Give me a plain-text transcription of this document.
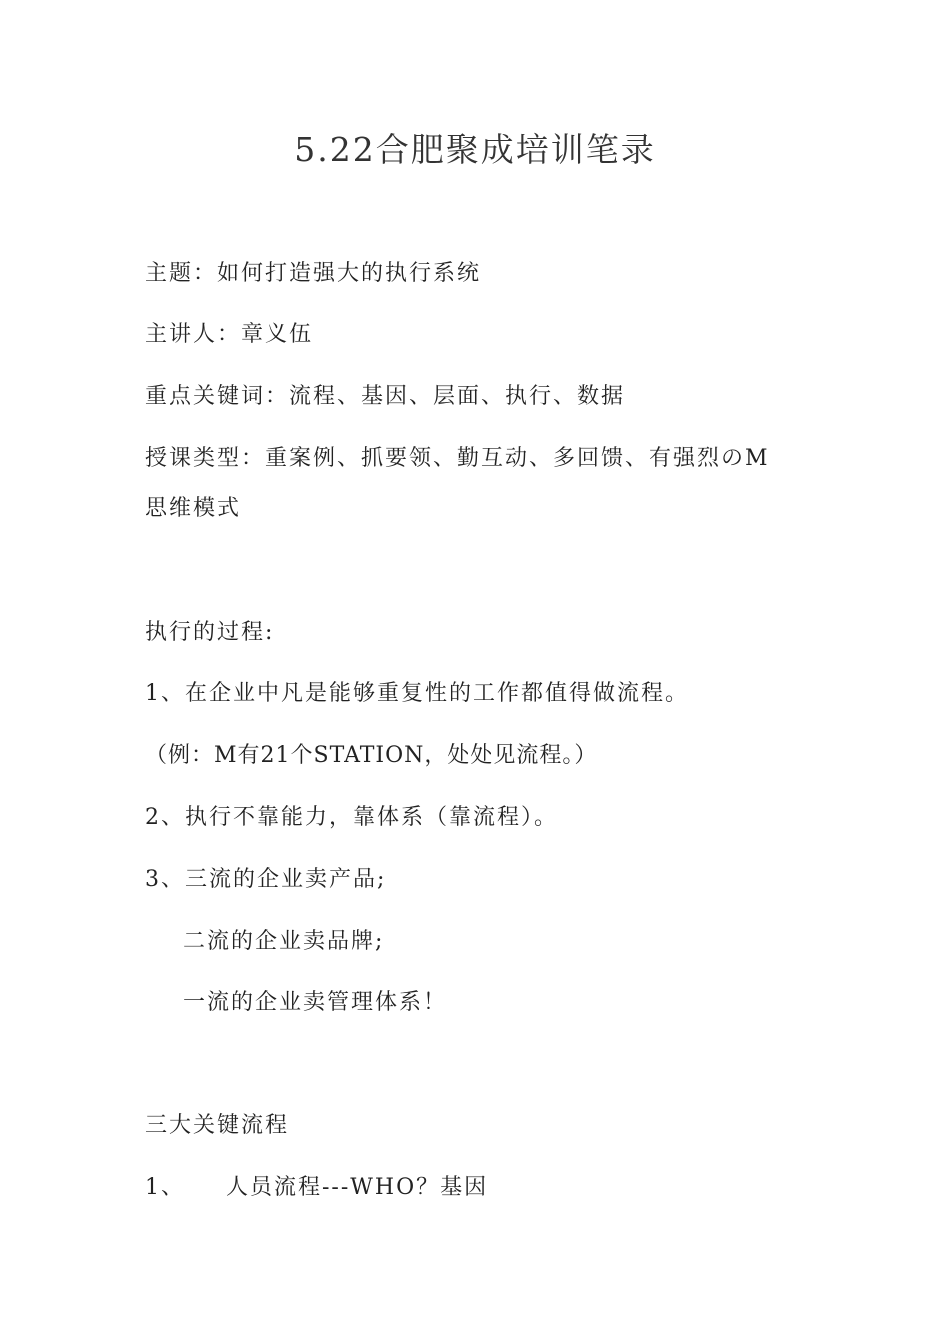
5.22合肥聚成培训笔录
主题：如何打造强大的执行系统
主讲人：章义伍
重点关键词：流程、基因、层面、执行、数据
授课类型：重案例、抓要领、勤互动、多回馈、有强烈のM
思维模式
执行的过程:
1、在企业中凡是能够重复性的工作都值得做流程。
（例：M有21个STATION，处处见流程。）
2、执行不靠能力，靠体系（靠流程）。
3、三流的企业卖产品;
二流的企业卖品牌;
一流的企业卖管理体系！
三大关键流程
1、 人员流程---WHO？基因
